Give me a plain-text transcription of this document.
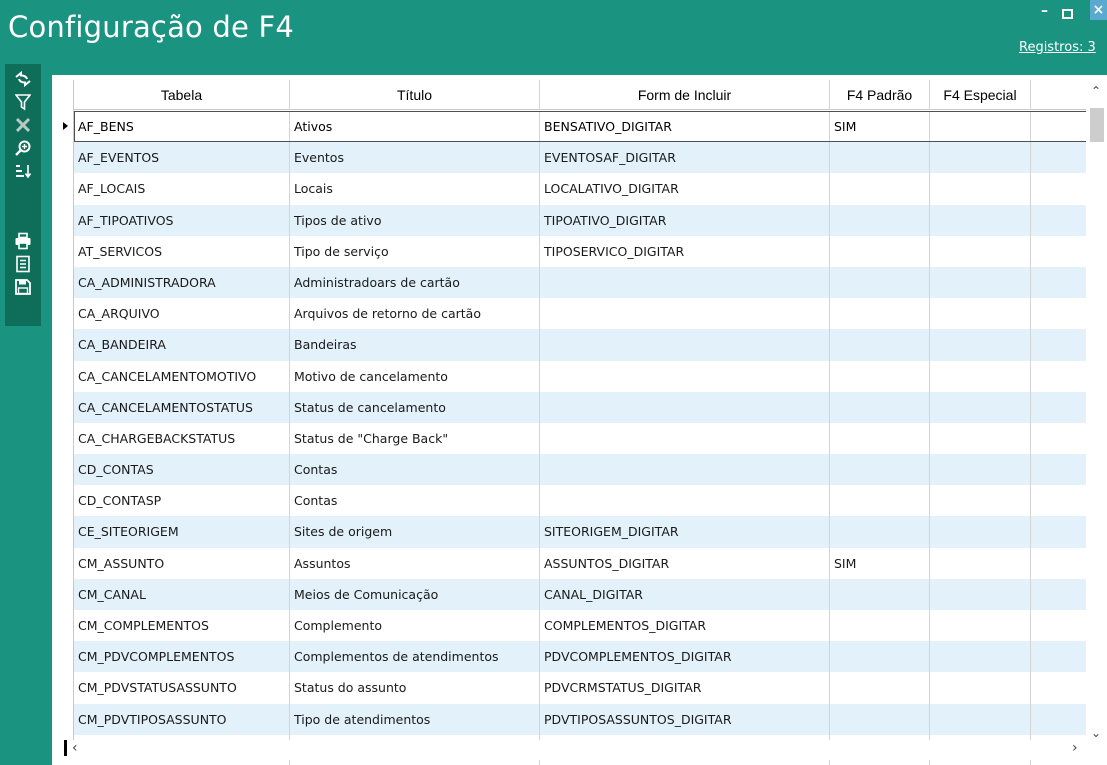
Configuração de F4	–	×
Registros: 3
Tabela	Título	Form de Incluir	F4 Padrão	F4 Especial
AF_BENS	Ativos	BENSATIVO_DIGITAR	SIM
AF_EVENTOS	Eventos	EVENTOSAF_DIGITAR
AF_LOCAIS	Locais	LOCALATIVO_DIGITAR
AF_TIPOATIVOS	Tipos de ativo	TIPOATIVO_DIGITAR
AT_SERVICOS	Tipo de serviço	TIPOSERVICO_DIGITAR
CA_ADMINISTRADORA	Administradoars de cartão
CA_ARQUIVO	Arquivos de retorno de cartão
CA_BANDEIRA	Bandeiras
CA_CANCELAMENTOMOTIVO	Motivo de cancelamento
CA_CANCELAMENTOSTATUS	Status de cancelamento
CA_CHARGEBACKSTATUS	Status de "Charge Back"
CD_CONTAS	Contas
CD_CONTASP	Contas
CE_SITEORIGEM	Sites de origem	SITEORIGEM_DIGITAR
CM_ASSUNTO	Assuntos	ASSUNTOS_DIGITAR	SIM
CM_CANAL	Meios de Comunicação	CANAL_DIGITAR
CM_COMPLEMENTOS	Complemento	COMPLEMENTOS_DIGITAR
CM_PDVCOMPLEMENTOS	Complementos de atendimentos	PDVCOMPLEMENTOS_DIGITAR
CM_PDVSTATUSASSUNTO	Status do assunto	PDVCRMSTATUS_DIGITAR
CM_PDVTIPOSASSUNTO	Tipo de atendimentos	PDVTIPOSASSUNTOS_DIGITAR
⌃
⌄
‹	›
